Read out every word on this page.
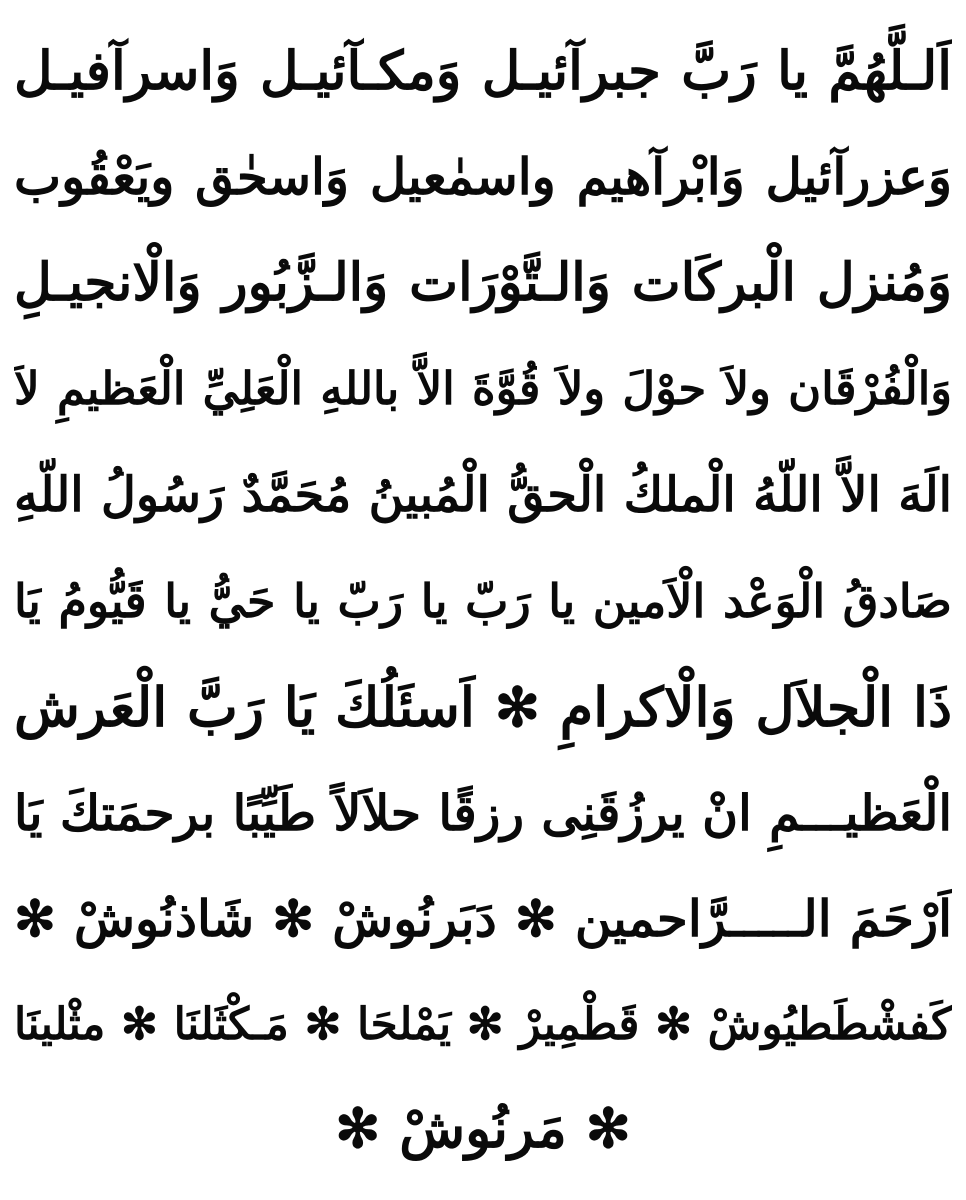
اَلـلَّهُمَّ يا رَبَّ جبرآئيـل وَمكـآئيـل وَاسرآفيـل
وَعزرآئيل وَابْرآهيم واسمٰعيل وَاسحٰق ويَعْقُوب
وَمُنزل الْبركَات وَالـتَّوْرَات وَالـزَّبُور وَالْانجيـلِ
وَالْفُرْقَان ولاَ حوْلَ ولاَ قُوَّةَ الاَّ باللهِ الْعَلِيِّ الْعَظيمِ لاَ
الَهَ الاَّ اللّهُ الْملكُ الْحقُّ الْمُبينُ مُحَمَّدٌ رَسُولُ اللّهِ
صَادقُ الْوَعْد الْاَمين يا رَبّ يا رَبّ يا حَيُّ يا قَيُّومُ يَا
ذَا الْجلاَل وَالْاكرامِ ✻ اَسئَلُكَ يَا رَبَّ الْعَرش
الْعَظيـــمِ انْ يرزُقَنِى رزقًا حلاَلاً طَيِّبًا برحمَتكَ يَا
اَرْحَمَ الـــــرَّاحمين ✻ دَبَرنُوشْ ✻ شَاذنُوشْ ✻
كَفشْطَطيُوشْ ✻ قَطْمِيرْ ✻ يَمْلحَا ✻ مَـكْثَلنَا ✻ مثْلينَا
✻ مَرنُوشْ ✻
